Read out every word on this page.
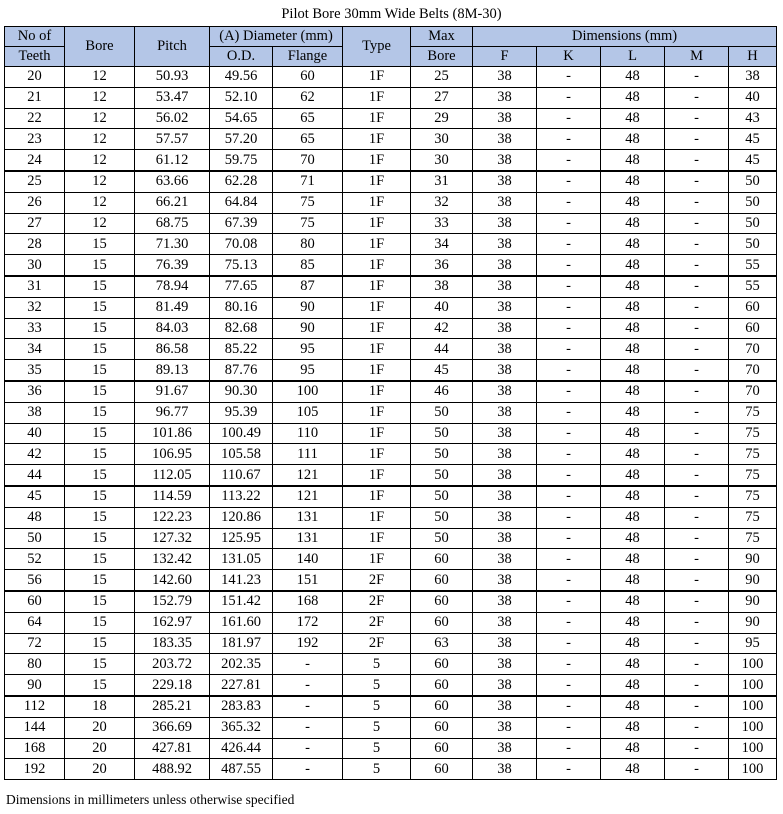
Pilot Bore 30mm Wide Belts (8M-30)
No of	Bore	Pitch	(A) Diameter (mm)		Type	Max	Dimensions (mm)				
Teeth			O.D.	Flange		Bore	F	K	L	M	H
20	12	50.93	49.56	60	1F	25	38	-	48	-	38
21	12	53.47	52.10	62	1F	27	38	-	48	-	40
22	12	56.02	54.65	65	1F	29	38	-	48	-	43
23	12	57.57	57.20	65	1F	30	38	-	48	-	45
24	12	61.12	59.75	70	1F	30	38	-	48	-	45
25	12	63.66	62.28	71	1F	31	38	-	48	-	50
26	12	66.21	64.84	75	1F	32	38	-	48	-	50
27	12	68.75	67.39	75	1F	33	38	-	48	-	50
28	15	71.30	70.08	80	1F	34	38	-	48	-	50
30	15	76.39	75.13	85	1F	36	38	-	48	-	55
31	15	78.94	77.65	87	1F	38	38	-	48	-	55
32	15	81.49	80.16	90	1F	40	38	-	48	-	60
33	15	84.03	82.68	90	1F	42	38	-	48	-	60
34	15	86.58	85.22	95	1F	44	38	-	48	-	70
35	15	89.13	87.76	95	1F	45	38	-	48	-	70
36	15	91.67	90.30	100	1F	46	38	-	48	-	70
38	15	96.77	95.39	105	1F	50	38	-	48	-	75
40	15	101.86	100.49	110	1F	50	38	-	48	-	75
42	15	106.95	105.58	111	1F	50	38	-	48	-	75
44	15	112.05	110.67	121	1F	50	38	-	48	-	75
45	15	114.59	113.22	121	1F	50	38	-	48	-	75
48	15	122.23	120.86	131	1F	50	38	-	48	-	75
50	15	127.32	125.95	131	1F	50	38	-	48	-	75
52	15	132.42	131.05	140	1F	60	38	-	48	-	90
56	15	142.60	141.23	151	2F	60	38	-	48	-	90
60	15	152.79	151.42	168	2F	60	38	-	48	-	90
64	15	162.97	161.60	172	2F	60	38	-	48	-	90
72	15	183.35	181.97	192	2F	63	38	-	48	-	95
80	15	203.72	202.35	-	5	60	38	-	48	-	100
90	15	229.18	227.81	-	5	60	38	-	48	-	100
112	18	285.21	283.83	-	5	60	38	-	48	-	100
144	20	366.69	365.32	-	5	60	38	-	48	-	100
168	20	427.81	426.44	-	5	60	38	-	48	-	100
192	20	488.92	487.55	-	5	60	38	-	48	-	100
Dimensions in millimeters unless otherwise specified
